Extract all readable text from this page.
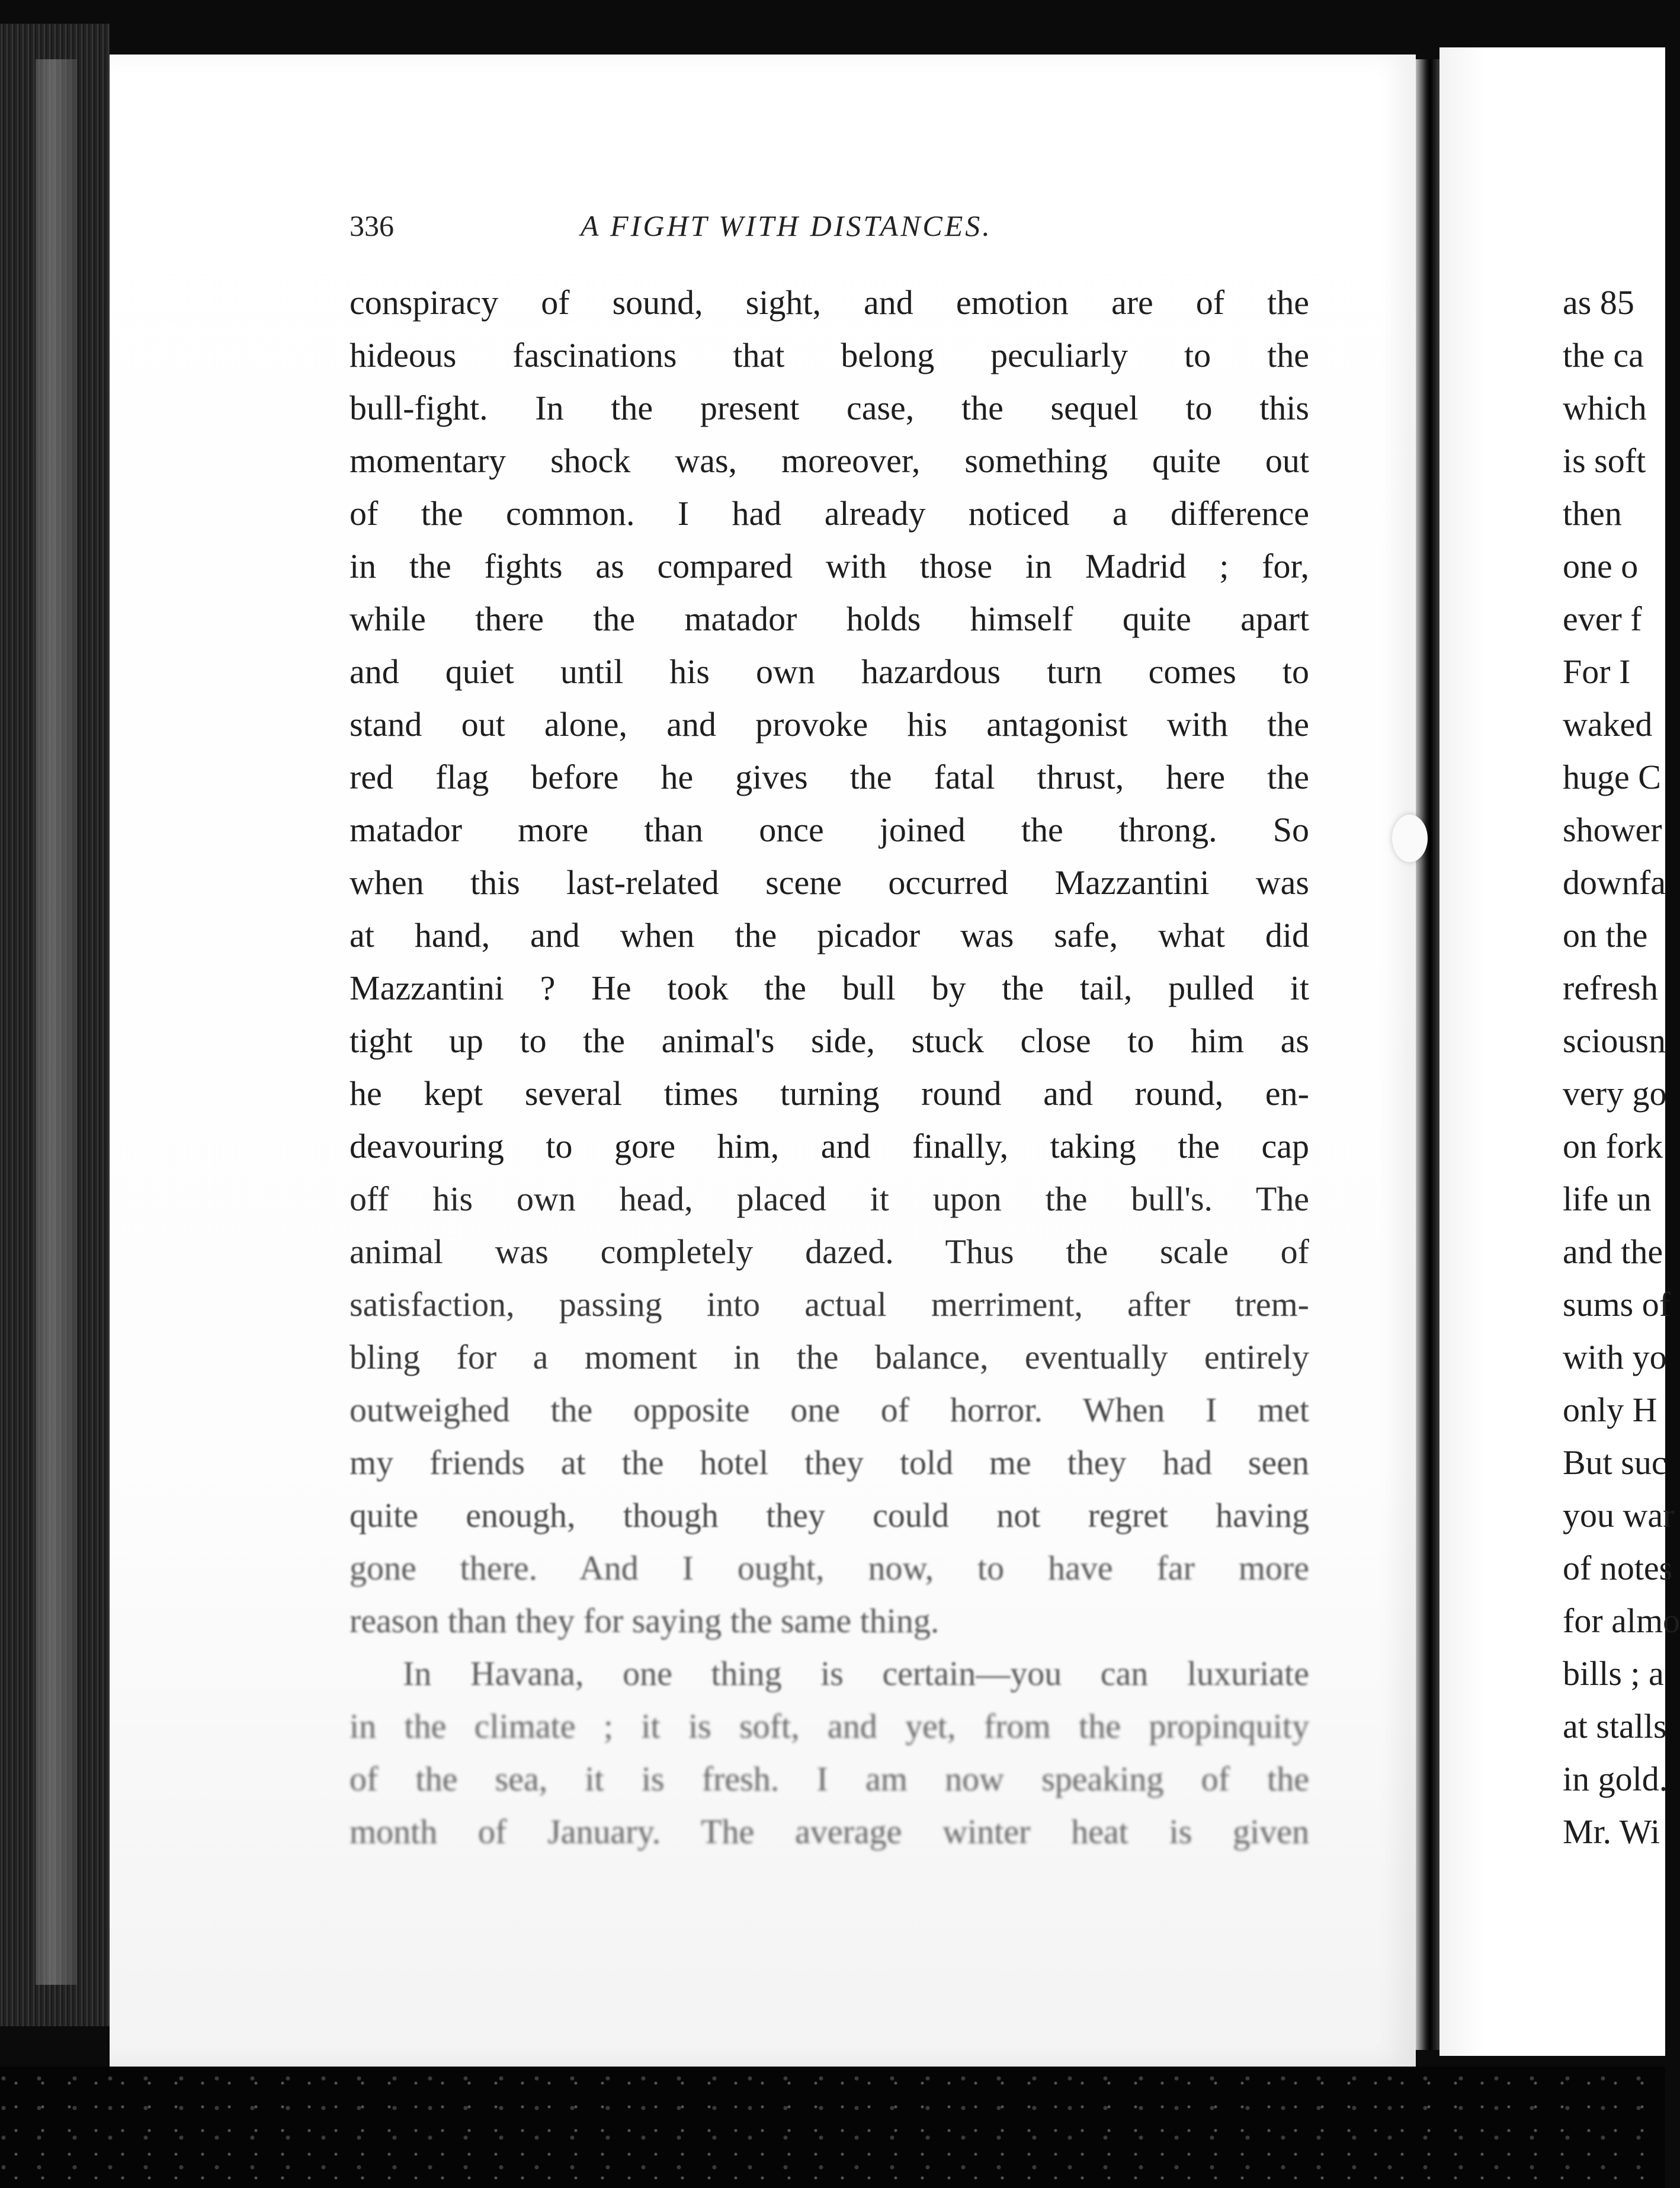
336	A FIGHT WITH DISTANCES.
conspiracy of sound, sight, and emotion are of the
hideous fascinations that belong peculiarly to the
bull-fight. In the present case, the sequel to this
momentary shock was, moreover, something quite out
of the common. I had already noticed a difference
in the fights as compared with those in Madrid ; for,
while there the matador holds himself quite apart
and quiet until his own hazardous turn comes to
stand out alone, and provoke his antagonist with the
red flag before he gives the fatal thrust, here the
matador more than once joined the throng. So
when this last-related scene occurred Mazzantini was
at hand, and when the picador was safe, what did
Mazzantini ? He took the bull by the tail, pulled it
tight up to the animal's side, stuck close to him as
he kept several times turning round and round, en-
deavouring to gore him, and finally, taking the cap
off his own head, placed it upon the bull's. The
animal was completely dazed. Thus the scale of
satisfaction, passing into actual merriment, after trem-
bling for a moment in the balance, eventually entirely
outweighed the opposite one of horror. When I met
my friends at the hotel they told me they had seen
quite enough, though they could not regret having
gone there. And I ought, now, to have far more
reason than they for saying the same thing.
In Havana, one thing is certain—you can luxuriate
in the climate ; it is soft, and yet, from the propinquity
of the sea, it is fresh. I am now speaking of the
month of January. The average winter heat is given
as 85
the ca
which
is soft
then
one o
ever f
For I
waked
huge C
shower
downfa
on the
refresh
sciousn
very go
on fork
life un
and the
sums of
with yo
only H
But suc
you war
of notes
for almo
bills ; a
at stalls
in gold.
Mr. Wi
